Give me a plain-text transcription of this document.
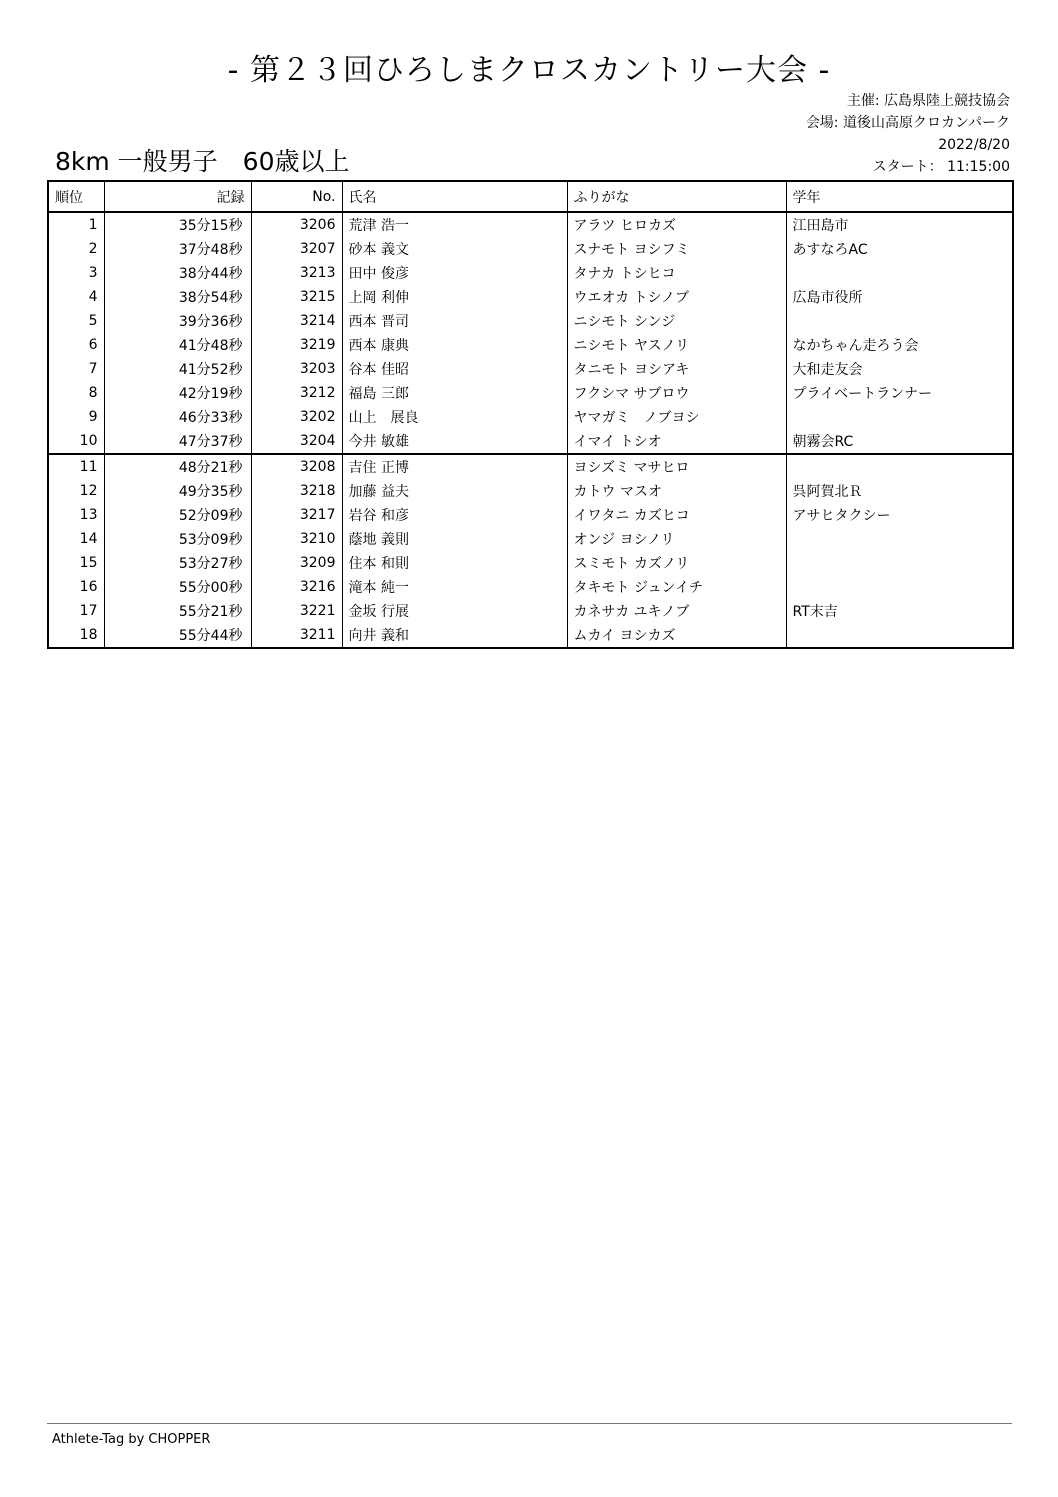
- 第２３回ひろしまクロスカントリー大会 -
主催: 広島県陸上競技協会
会場: 道後山高原クロカンパーク
2022/8/20
スタート： 11:15:00
8km 一般男子　60歳以上
順位	記録	No.	氏名	ふりがな	学年
1	35分15秒	3206	荒津 浩一	アラツ ヒロカズ	江田島市
2	37分48秒	3207	砂本 義文	スナモト ヨシフミ	あすなろAC
3	38分44秒	3213	田中 俊彦	タナカ トシヒコ	
4	38分54秒	3215	上岡 利伸	ウエオカ トシノブ	広島市役所
5	39分36秒	3214	西本 晋司	ニシモト シンジ	
6	41分48秒	3219	西本 康典	ニシモト ヤスノリ	なかちゃん走ろう会
7	41分52秒	3203	谷本 佳昭	タニモト ヨシアキ	大和走友会
8	42分19秒	3212	福島 三郎	フクシマ サブロウ	プライベートランナー
9	46分33秒	3202	山上　展良	ヤマガミ　ノブヨシ	
10	47分37秒	3204	今井 敏雄	イマイ トシオ	朝霧会RC
11	48分21秒	3208	吉住 正博	ヨシズミ マサヒロ	
12	49分35秒	3218	加藤 益夫	カトウ マスオ	呉阿賀北Ｒ
13	52分09秒	3217	岩谷 和彦	イワタニ カズヒコ	アサヒタクシー
14	53分09秒	3210	蔭地 義則	オンジ ヨシノリ	
15	53分27秒	3209	住本 和則	スミモト カズノリ	
16	55分00秒	3216	滝本 純一	タキモト ジュンイチ	
17	55分21秒	3221	金坂 行展	カネサカ ユキノブ	RT末吉
18	55分44秒	3211	向井 義和	ムカイ ヨシカズ	
Athlete-Tag by CHOPPER
